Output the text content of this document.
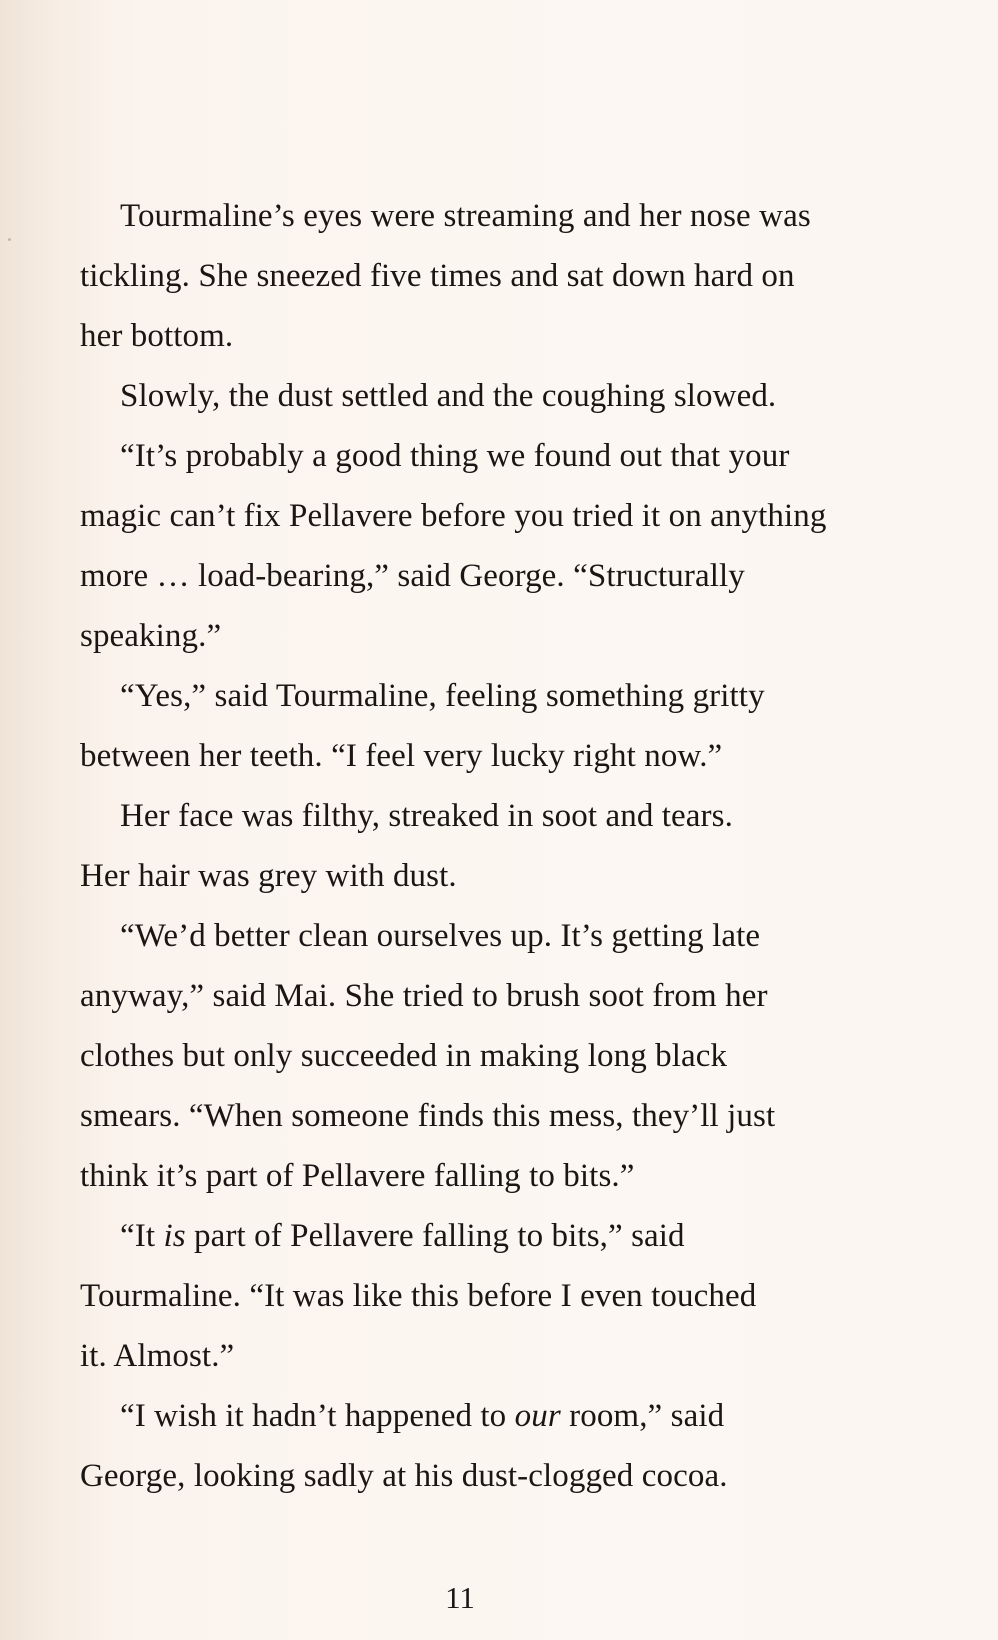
Tourmaline’s eyes were streaming and her nose was
tickling. She sneezed five times and sat down hard on
her bottom.
Slowly, the dust settled and the coughing slowed.
“It’s probably a good thing we found out that your
magic can’t fix Pellavere before you tried it on anything
more … load-bearing,” said George. “Structurally
speaking.”
“Yes,” said Tourmaline, feeling something gritty
between her teeth. “I feel very lucky right now.”
Her face was filthy, streaked in soot and tears.
Her hair was grey with dust.
“We’d better clean ourselves up. It’s getting late
anyway,” said Mai. She tried to brush soot from her
clothes but only succeeded in making long black
smears. “When someone finds this mess, they’ll just
think it’s part of Pellavere falling to bits.”
“It is part of Pellavere falling to bits,” said
Tourmaline. “It was like this before I even touched
it. Almost.”
“I wish it hadn’t happened to our room,” said
George, looking sadly at his dust-clogged cocoa.
11
